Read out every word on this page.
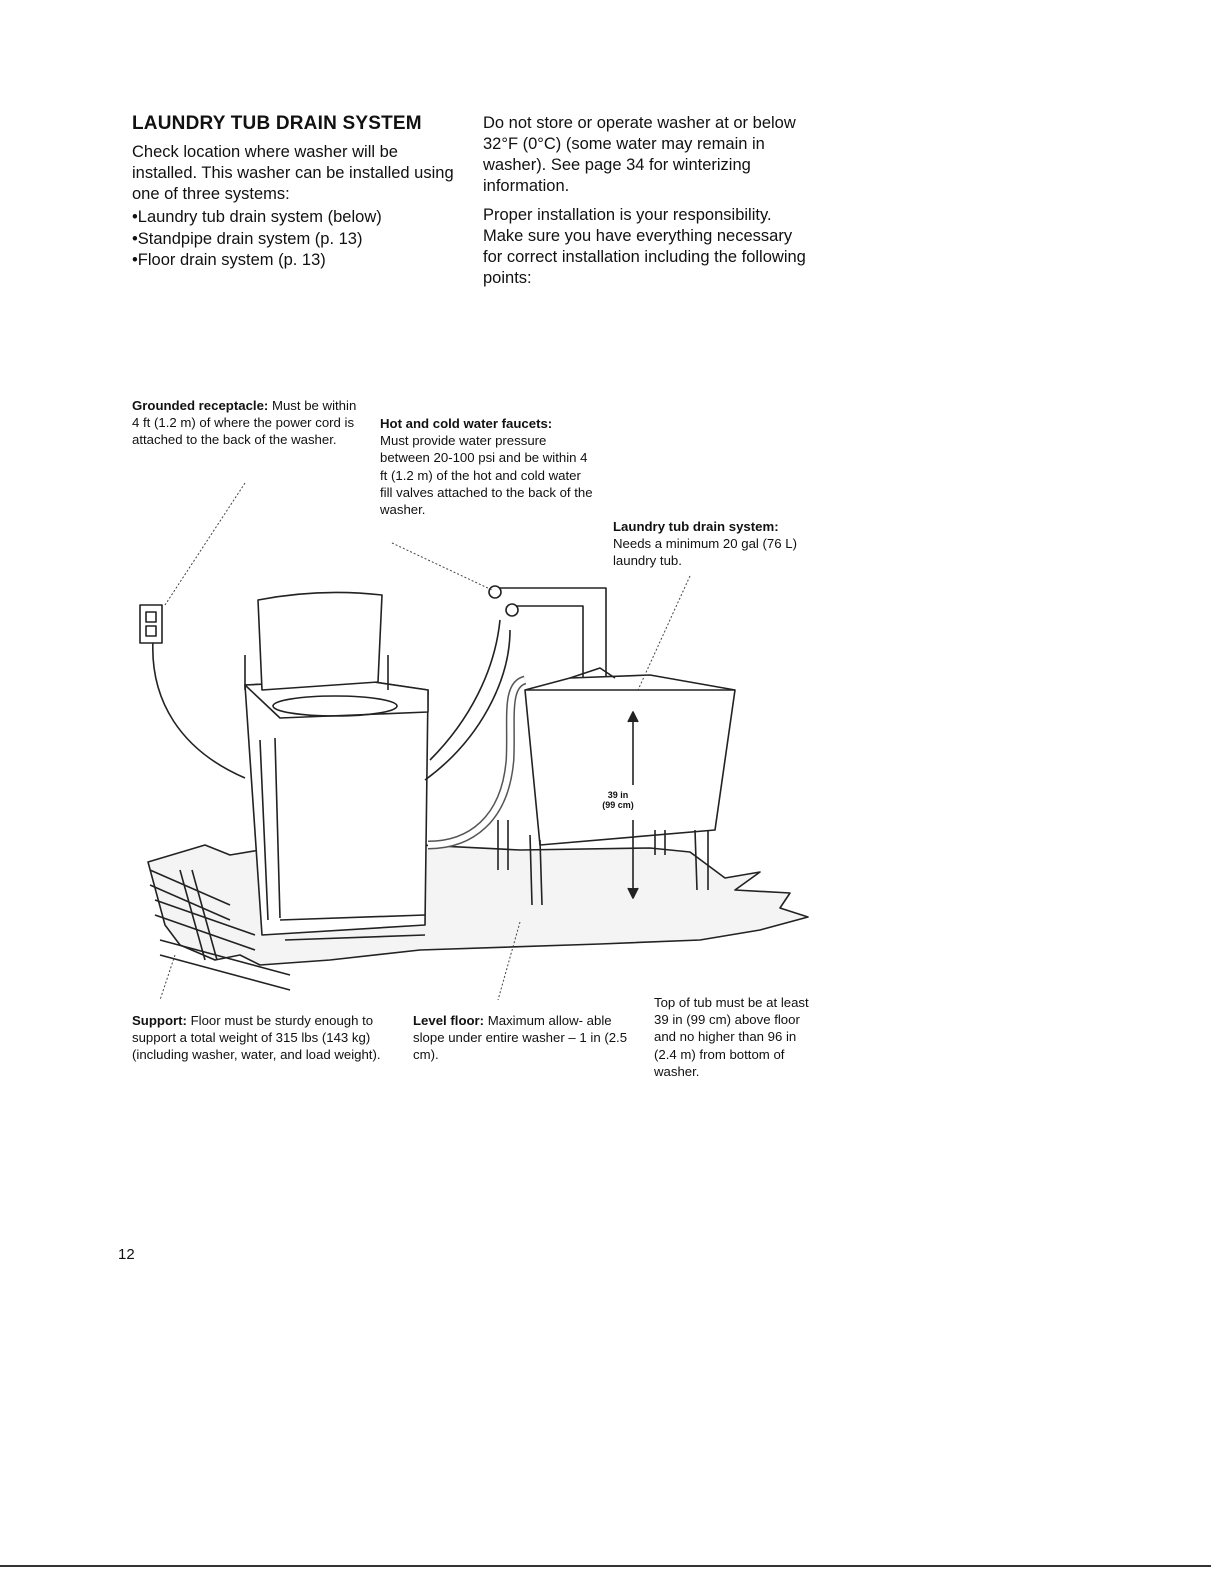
LAUNDRY TUB DRAIN SYSTEM

Check location where washer will be installed. This washer can be installed using one of three systems:

• Laundry tub drain system (below)
• Standpipe drain system (p. 13)
• Floor drain system (p. 13)

Do not store or operate washer at or below 32°F (0°C) (some water may remain in washer). See page 34 for winterizing information.

Proper installation is your responsibility. Make sure you have everything necessary for correct installation including the following points:

Grounded receptacle: Must be within 4 ft (1.2 m) of where the power cord is attached to the back of the washer.
Hot and cold water faucets:
Must provide water pressure between 20-100 psi and be within 4 ft (1.2 m) of the hot and cold water fill valves attached to the back of the washer.
Laundry tub drain system:
Needs a minimum 20 gal (76 L) laundry tub.
39 in
(99 cm)
Support: Floor must be sturdy enough to support a total weight of 315 lbs (143 kg) (including washer, water, and load weight).
Level floor: Maximum allow- able slope under entire washer – 1 in (2.5 cm).
Top of tub must be at least 39 in (99 cm) above floor and no higher than 96 in (2.4 m) from bottom of washer.
12
